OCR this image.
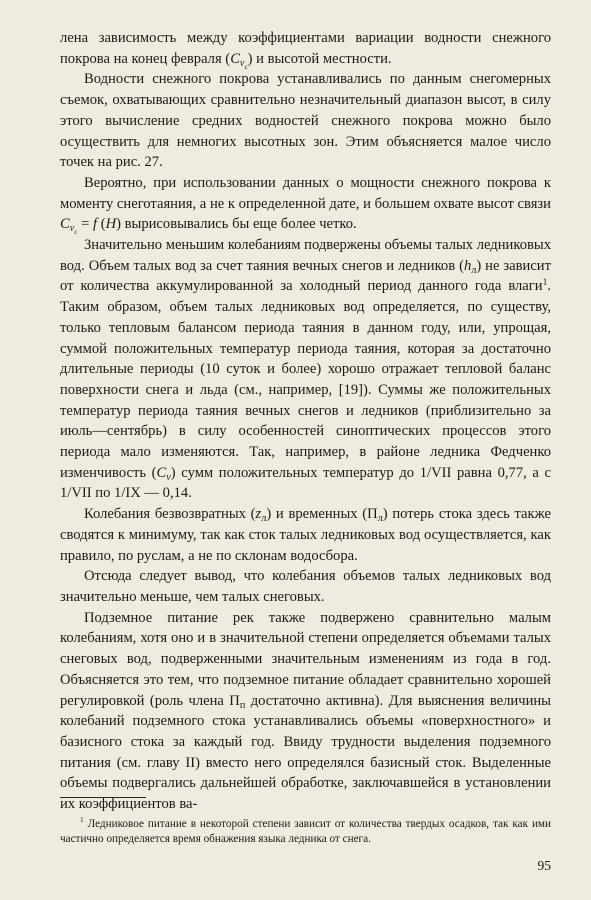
лена зависимость между коэффициентами вариации водности снежного покрова на конец февраля $(C_{v_с})$ и высотой местности.

Водности снежного покрова устанавливались по данным снегомерных съемок, охватывающих сравнительно незначительный диапазон высот, в силу этого вычисление средних водностей снежного покрова можно было осуществить для немногих высотных зон. Этим объясняется малое число точек на рис. 27.

Вероятно, при использовании данных о мощности снежного покрова к моменту снеготаяния, а не к определенной дате, и большем охвате высот связи $C_{v_с} = f$ (H) вырисовывались бы еще более четко.

Значительно меньшим колебаниям подвержены объемы талых ледниковых вод. Объем талых вод за счет таяния вечных снегов и ледников $(h_л)$ не зависит от количества аккумулированной за холодный период данного года влаги$^1$. Таким образом, объем талых ледниковых вод определяется, по существу, только тепловым балансом периода таяния в данном году, или, упрощая, суммой положительных температур периода таяния, которая за достаточно длительные периоды (10 суток и более) хорошо отражает тепловой баланс поверхности снега и льда (см., например, [19]). Суммы же положительных температур периода таяния вечных снегов и ледников (приблизительно за июль—сентябрь) в силу особенностей синоптических процессов этого периода мало изменяются. Так, например, в районе ледника Федченко изменчивость $(C_v)$ сумм положительных температур до 1/VII равна 0,77, а с 1/VII по 1/IX — 0,14.

Колебания безвозвратных $(z_л)$ и временных $(П_л)$ потерь стока здесь также сводятся к минимуму, так как сток талых ледниковых вод осуществляется, как правило, по руслам, а не по склонам водосбора.

Отсюда следует вывод, что колебания объемов талых ледниковых вод значительно меньше, чем талых снеговых.

Подземное питание рек также подвержено сравнительно малым колебаниям, хотя оно и в значительной степени определяется объемами талых снеговых вод, подверженными значительным изменениям из года в год. Объясняется это тем, что подземное питание обладает сравнительно хорошей регулировкой (роль члена $П_п$ достаточно активна). Для выяснения величины колебаний подземного стока устанавливались объемы «поверхностного» и базисного стока за каждый год. Ввиду трудности выделения подземного питания (см. главу II) вместо него определялся базисный сток. Выделенные объемы подвергались дальнейшей обработке, заключавшейся в установлении их коэффициентов ва-

$^1$ Ледниковое питание в некоторой степени зависит от количества твердых осадков, так как ими частично определяется время обнажения языка ледника от снега.

95
